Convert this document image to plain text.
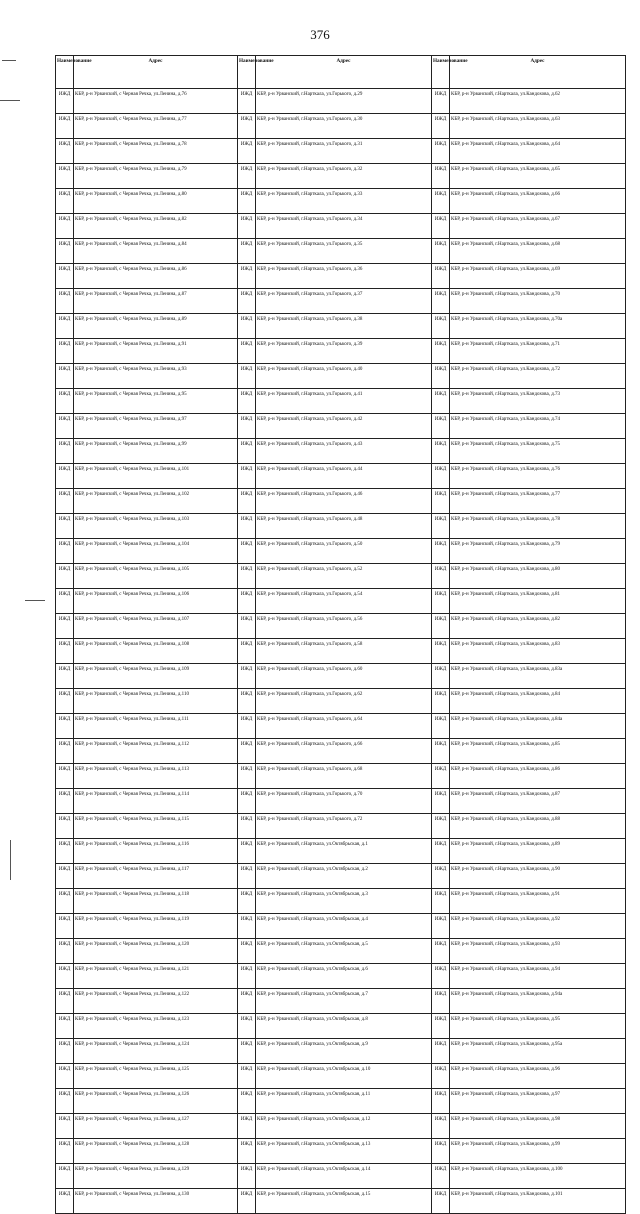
376
Наименование	Адрес	Наименование	Адрес	Наименование	Адрес
ИЖД	КБР, р-н Урванский, с Черная Речка, ул.Ленина, д.76	ИЖД	КБР, р-н Урванский, г.Нарткала, ул.Горького, д.29	ИЖД	КБР, р-н Урванский, г.Нарткала, ул.Кандохова, д.62
ИЖД	КБР, р-н Урванский, с Черная Речка, ул.Ленина, д.77	ИЖД	КБР, р-н Урванский, г.Нарткала, ул.Горького, д.30	ИЖД	КБР, р-н Урванский, г.Нарткала, ул.Кандохова, д.63
ИЖД	КБР, р-н Урванский, с Черная Речка, ул.Ленина, д.78	ИЖД	КБР, р-н Урванский, г.Нарткала, ул.Горького, д.31	ИЖД	КБР, р-н Урванский, г.Нарткала, ул.Кандохова, д.64
ИЖД	КБР, р-н Урванский, с Черная Речка, ул.Ленина, д.79	ИЖД	КБР, р-н Урванский, г.Нарткала, ул.Горького, д.32	ИЖД	КБР, р-н Урванский, г.Нарткала, ул.Кандохова, д.65
ИЖД	КБР, р-н Урванский, с Черная Речка, ул.Ленина, д.80	ИЖД	КБР, р-н Урванский, г.Нарткала, ул.Горького, д.33	ИЖД	КБР, р-н Урванский, г.Нарткала, ул.Кандохова, д.66
ИЖД	КБР, р-н Урванский, с Черная Речка, ул.Ленина, д.82	ИЖД	КБР, р-н Урванский, г.Нарткала, ул.Горького, д.34	ИЖД	КБР, р-н Урванский, г.Нарткала, ул.Кандохова, д.67
ИЖД	КБР, р-н Урванский, с Черная Речка, ул.Ленина, д.84	ИЖД	КБР, р-н Урванский, г.Нарткала, ул.Горького, д.35	ИЖД	КБР, р-н Урванский, г.Нарткала, ул.Кандохова, д.68
ИЖД	КБР, р-н Урванский, с Черная Речка, ул.Ленина, д.86	ИЖД	КБР, р-н Урванский, г.Нарткала, ул.Горького, д.36	ИЖД	КБР, р-н Урванский, г.Нарткала, ул.Кандохова, д.69
ИЖД	КБР, р-н Урванский, с Черная Речка, ул.Ленина, д.87	ИЖД	КБР, р-н Урванский, г.Нарткала, ул.Горького, д.37	ИЖД	КБР, р-н Урванский, г.Нарткала, ул.Кандохова, д.70
ИЖД	КБР, р-н Урванский, с Черная Речка, ул.Ленина, д.89	ИЖД	КБР, р-н Урванский, г.Нарткала, ул.Горького, д.38	ИЖД	КБР, р-н Урванский, г.Нарткала, ул.Кандохова, д.70а
ИЖД	КБР, р-н Урванский, с Черная Речка, ул.Ленина, д.91	ИЖД	КБР, р-н Урванский, г.Нарткала, ул.Горького, д.39	ИЖД	КБР, р-н Урванский, г.Нарткала, ул.Кандохова, д.71
ИЖД	КБР, р-н Урванский, с Черная Речка, ул.Ленина, д.93	ИЖД	КБР, р-н Урванский, г.Нарткала, ул.Горького, д.40	ИЖД	КБР, р-н Урванский, г.Нарткала, ул.Кандохова, д.72
ИЖД	КБР, р-н Урванский, с Черная Речка, ул.Ленина, д.95	ИЖД	КБР, р-н Урванский, г.Нарткала, ул.Горького, д.41	ИЖД	КБР, р-н Урванский, г.Нарткала, ул.Кандохова, д.73
ИЖД	КБР, р-н Урванский, с Черная Речка, ул.Ленина, д.97	ИЖД	КБР, р-н Урванский, г.Нарткала, ул.Горького, д.42	ИЖД	КБР, р-н Урванский, г.Нарткала, ул.Кандохова, д.74
ИЖД	КБР, р-н Урванский, с Черная Речка, ул.Ленина, д.99	ИЖД	КБР, р-н Урванский, г.Нарткала, ул.Горького, д.43	ИЖД	КБР, р-н Урванский, г.Нарткала, ул.Кандохова, д.75
ИЖД	КБР, р-н Урванский, с Черная Речка, ул.Ленина, д.101	ИЖД	КБР, р-н Урванский, г.Нарткала, ул.Горького, д.44	ИЖД	КБР, р-н Урванский, г.Нарткала, ул.Кандохова, д.76
ИЖД	КБР, р-н Урванский, с Черная Речка, ул.Ленина, д.102	ИЖД	КБР, р-н Урванский, г.Нарткала, ул.Горького, д.46	ИЖД	КБР, р-н Урванский, г.Нарткала, ул.Кандохова, д.77
ИЖД	КБР, р-н Урванский, с Черная Речка, ул.Ленина, д.103	ИЖД	КБР, р-н Урванский, г.Нарткала, ул.Горького, д.48	ИЖД	КБР, р-н Урванский, г.Нарткала, ул.Кандохова, д.78
ИЖД	КБР, р-н Урванский, с Черная Речка, ул.Ленина, д.104	ИЖД	КБР, р-н Урванский, г.Нарткала, ул.Горького, д.50	ИЖД	КБР, р-н Урванский, г.Нарткала, ул.Кандохова, д.79
ИЖД	КБР, р-н Урванский, с Черная Речка, ул.Ленина, д.105	ИЖД	КБР, р-н Урванский, г.Нарткала, ул.Горького, д.52	ИЖД	КБР, р-н Урванский, г.Нарткала, ул.Кандохова, д.80
ИЖД	КБР, р-н Урванский, с Черная Речка, ул.Ленина, д.106	ИЖД	КБР, р-н Урванский, г.Нарткала, ул.Горького, д.54	ИЖД	КБР, р-н Урванский, г.Нарткала, ул.Кандохова, д.81
ИЖД	КБР, р-н Урванский, с Черная Речка, ул.Ленина, д.107	ИЖД	КБР, р-н Урванский, г.Нарткала, ул.Горького, д.56	ИЖД	КБР, р-н Урванский, г.Нарткала, ул.Кандохова, д.82
ИЖД	КБР, р-н Урванский, с Черная Речка, ул.Ленина, д.108	ИЖД	КБР, р-н Урванский, г.Нарткала, ул.Горького, д.58	ИЖД	КБР, р-н Урванский, г.Нарткала, ул.Кандохова, д.83
ИЖД	КБР, р-н Урванский, с Черная Речка, ул.Ленина, д.109	ИЖД	КБР, р-н Урванский, г.Нарткала, ул.Горького, д.60	ИЖД	КБР, р-н Урванский, г.Нарткала, ул.Кандохова, д.83а
ИЖД	КБР, р-н Урванский, с Черная Речка, ул.Ленина, д.110	ИЖД	КБР, р-н Урванский, г.Нарткала, ул.Горького, д.62	ИЖД	КБР, р-н Урванский, г.Нарткала, ул.Кандохова, д.84
ИЖД	КБР, р-н Урванский, с Черная Речка, ул.Ленина, д.111	ИЖД	КБР, р-н Урванский, г.Нарткала, ул.Горького, д.64	ИЖД	КБР, р-н Урванский, г.Нарткала, ул.Кандохова, д.84а
ИЖД	КБР, р-н Урванский, с Черная Речка, ул.Ленина, д.112	ИЖД	КБР, р-н Урванский, г.Нарткала, ул.Горького, д.66	ИЖД	КБР, р-н Урванский, г.Нарткала, ул.Кандохова, д.85
ИЖД	КБР, р-н Урванский, с Черная Речка, ул.Ленина, д.113	ИЖД	КБР, р-н Урванский, г.Нарткала, ул.Горького, д.68	ИЖД	КБР, р-н Урванский, г.Нарткала, ул.Кандохова, д.86
ИЖД	КБР, р-н Урванский, с Черная Речка, ул.Ленина, д.114	ИЖД	КБР, р-н Урванский, г.Нарткала, ул.Горького, д.70	ИЖД	КБР, р-н Урванский, г.Нарткала, ул.Кандохова, д.87
ИЖД	КБР, р-н Урванский, с Черная Речка, ул.Ленина, д.115	ИЖД	КБР, р-н Урванский, г.Нарткала, ул.Горького, д.72	ИЖД	КБР, р-н Урванский, г.Нарткала, ул.Кандохова, д.88
ИЖД	КБР, р-н Урванский, с Черная Речка, ул.Ленина, д.116	ИЖД	КБР, р-н Урванский, г.Нарткала, ул.Октябрьская, д.1	ИЖД	КБР, р-н Урванский, г.Нарткала, ул.Кандохова, д.89
ИЖД	КБР, р-н Урванский, с Черная Речка, ул.Ленина, д.117	ИЖД	КБР, р-н Урванский, г.Нарткала, ул.Октябрьская, д.2	ИЖД	КБР, р-н Урванский, г.Нарткала, ул.Кандохова, д.90
ИЖД	КБР, р-н Урванский, с Черная Речка, ул.Ленина, д.118	ИЖД	КБР, р-н Урванский, г.Нарткала, ул.Октябрьская, д.3	ИЖД	КБР, р-н Урванский, г.Нарткала, ул.Кандохова, д.91
ИЖД	КБР, р-н Урванский, с Черная Речка, ул.Ленина, д.119	ИЖД	КБР, р-н Урванский, г.Нарткала, ул.Октябрьская, д.4	ИЖД	КБР, р-н Урванский, г.Нарткала, ул.Кандохова, д.92
ИЖД	КБР, р-н Урванский, с Черная Речка, ул.Ленина, д.120	ИЖД	КБР, р-н Урванский, г.Нарткала, ул.Октябрьская, д.5	ИЖД	КБР, р-н Урванский, г.Нарткала, ул.Кандохова, д.93
ИЖД	КБР, р-н Урванский, с Черная Речка, ул.Ленина, д.121	ИЖД	КБР, р-н Урванский, г.Нарткала, ул.Октябрьская, д.6	ИЖД	КБР, р-н Урванский, г.Нарткала, ул.Кандохова, д.94
ИЖД	КБР, р-н Урванский, с Черная Речка, ул.Ленина, д.122	ИЖД	КБР, р-н Урванский, г.Нарткала, ул.Октябрьская, д.7	ИЖД	КБР, р-н Урванский, г.Нарткала, ул.Кандохова, д.94а
ИЖД	КБР, р-н Урванский, с Черная Речка, ул.Ленина, д.123	ИЖД	КБР, р-н Урванский, г.Нарткала, ул.Октябрьская, д.8	ИЖД	КБР, р-н Урванский, г.Нарткала, ул.Кандохова, д.95
ИЖД	КБР, р-н Урванский, с Черная Речка, ул.Ленина, д.124	ИЖД	КБР, р-н Урванский, г.Нарткала, ул.Октябрьская, д.9	ИЖД	КБР, р-н Урванский, г.Нарткала, ул.Кандохова, д.95а
ИЖД	КБР, р-н Урванский, с Черная Речка, ул.Ленина, д.125	ИЖД	КБР, р-н Урванский, г.Нарткала, ул.Октябрьская, д.10	ИЖД	КБР, р-н Урванский, г.Нарткала, ул.Кандохова, д.96
ИЖД	КБР, р-н Урванский, с Черная Речка, ул.Ленина, д.126	ИЖД	КБР, р-н Урванский, г.Нарткала, ул.Октябрьская, д.11	ИЖД	КБР, р-н Урванский, г.Нарткала, ул.Кандохова, д.97
ИЖД	КБР, р-н Урванский, с Черная Речка, ул.Ленина, д.127	ИЖД	КБР, р-н Урванский, г.Нарткала, ул.Октябрьская, д.12	ИЖД	КБР, р-н Урванский, г.Нарткала, ул.Кандохова, д.98
ИЖД	КБР, р-н Урванский, с Черная Речка, ул.Ленина, д.128	ИЖД	КБР, р-н Урванский, г.Нарткала, ул.Октябрьская, д.13	ИЖД	КБР, р-н Урванский, г.Нарткала, ул.Кандохова, д.99
ИЖД	КБР, р-н Урванский, с Черная Речка, ул.Ленина, д.129	ИЖД	КБР, р-н Урванский, г.Нарткала, ул.Октябрьская, д.14	ИЖД	КБР, р-н Урванский, г.Нарткала, ул.Кандохова, д.100
ИЖД	КБР, р-н Урванский, с Черная Речка, ул.Ленина, д.130	ИЖД	КБР, р-н Урванский, г.Нарткала, ул.Октябрьская, д.15	ИЖД	КБР, р-н Урванский, г.Нарткала, ул.Кандохова, д.101
